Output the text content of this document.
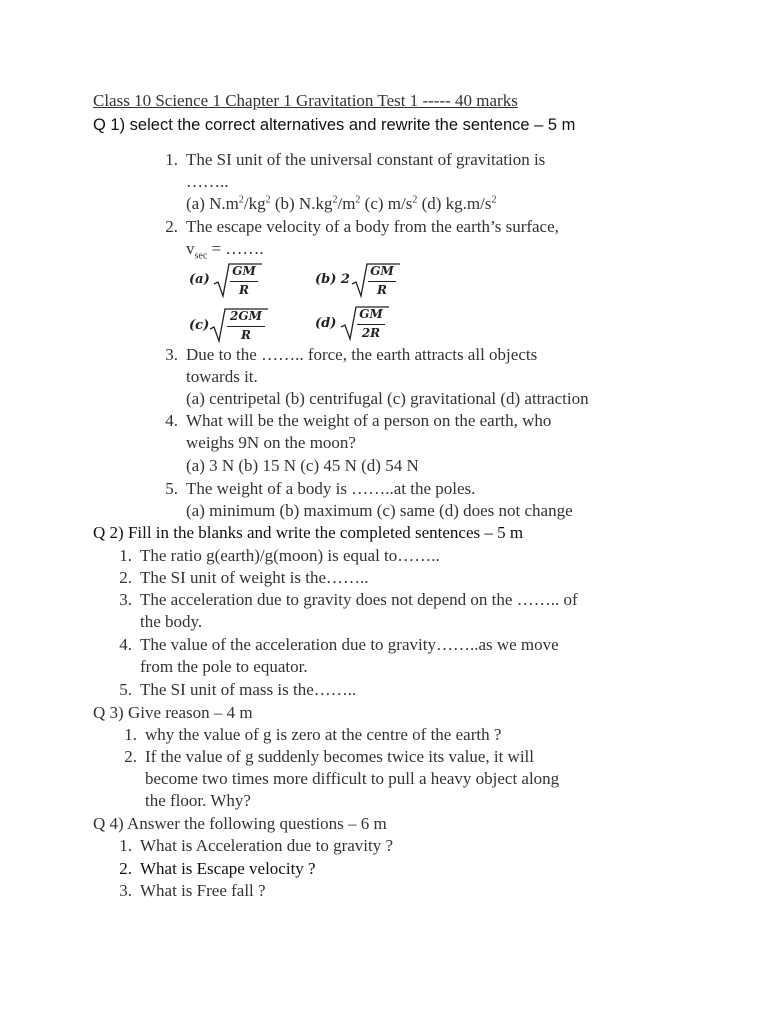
Class 10 Science 1 Chapter 1 Gravitation Test 1 ----- 40 marks
Q 1) select the correct alternatives and rewrite the sentence – 5 m
1. The SI unit of the universal constant of gravitation is
……..
(a) $N.m^2/kg^2$ (b) $N.kg^2/m^2$ (c) $m/s^2$ (d) $kg.m/s^2$
2. The escape velocity of a body from the earth’s surface,
$v_{sec}$ = …….
(a)
GM
R
(b) 2
GM
R
(c)
2GM
R
(d)
GM
2R
3. Due to the …….. force, the earth attracts all objects
towards it.
(a) centripetal (b) centrifugal (c) gravitational (d) attraction
4. What will be the weight of a person on the earth, who
weighs 9N on the moon?
(a) 3 N (b) 15 N (c) 45 N (d) 54 N
5. The weight of a body is ……..at the poles.
(a) minimum (b) maximum (c) same (d) does not change
Q 2) Fill in the blanks and write the completed sentences – 5 m
1. The ratio g(earth)/g(moon) is equal to……..
2. The SI unit of weight is the……..
3. The acceleration due to gravity does not depend on the …….. of
the body.
4. The value of the acceleration due to gravity……..as we move
from the pole to equator.
5. The SI unit of mass is the……..
Q 3) Give reason – 4 m
1. why the value of g is zero at the centre of the earth ?
2. If the value of g suddenly becomes twice its value, it will
become two times more difficult to pull a heavy object along
the floor. Why?
Q 4) Answer the following questions – 6 m
1. What is Acceleration due to gravity ?
2. What is Escape velocity ?
3. What is Free fall ?
